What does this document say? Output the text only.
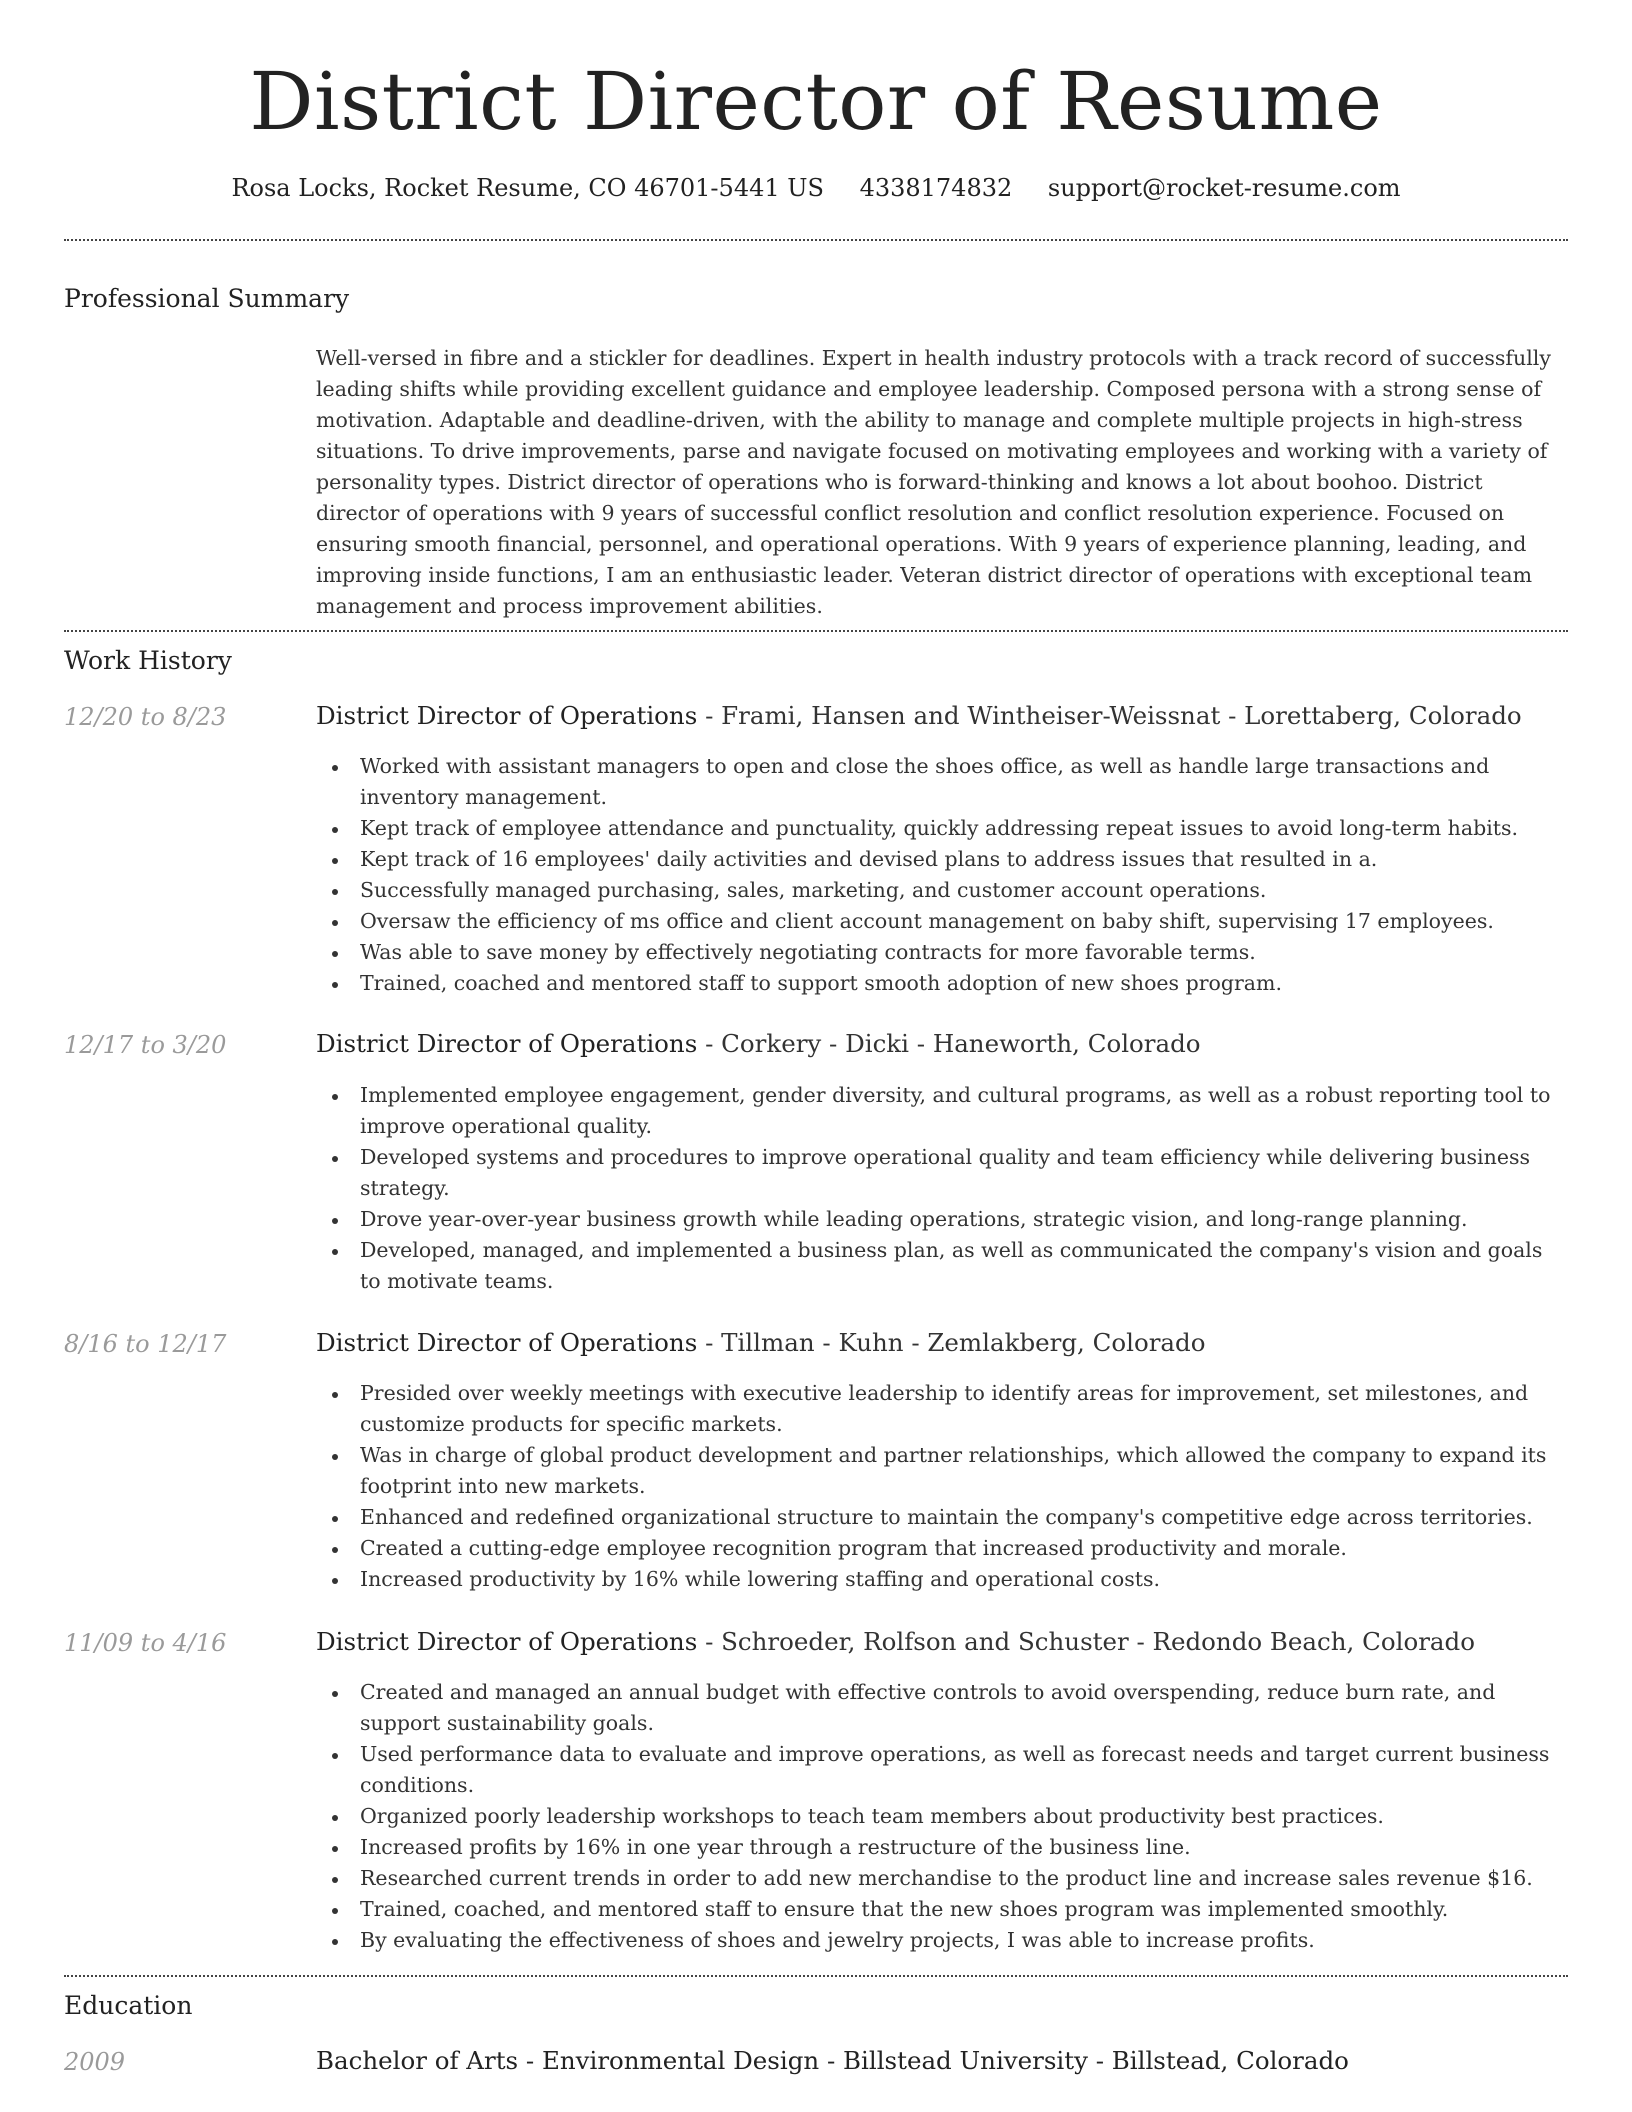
District Director of Resume
Rosa Locks, Rocket Resume, CO 46701-5441 US 4338174832 support@rocket-resume.com
Professional Summary

Well-versed in fibre and a stickler for deadlines. Expert in health industry protocols with a track record of successfully leading shifts while providing excellent guidance and employee leadership. Composed persona with a strong sense of motivation. Adaptable and deadline-driven, with the ability to manage and complete multiple projects in high-stress situations. To drive improvements, parse and navigate focused on motivating employees and working with a variety of personality types. District director of operations who is forward-thinking and knows a lot about boohoo. District director of operations with 9 years of successful conflict resolution and conflict resolution experience. Focused on ensuring smooth financial, personnel, and operational operations. With 9 years of experience planning, leading, and improving inside functions, I am an enthusiastic leader. Veteran district director of operations with exceptional team management and process improvement abilities.

Work History
12/20 to 8/23	District Director of Operations - Frami, Hansen and Wintheiser-Weissnat - Lorettaberg, Colorado
Worked with assistant managers to open and close the shoes office, as well as handle large transactions and inventory management.
Kept track of employee attendance and punctuality, quickly addressing repeat issues to avoid long-term habits.
Kept track of 16 employees' daily activities and devised plans to address issues that resulted in a.
Successfully managed purchasing, sales, marketing, and customer account operations.
Oversaw the efficiency of ms office and client account management on baby shift, supervising 17 employees.
Was able to save money by effectively negotiating contracts for more favorable terms.
Trained, coached and mentored staff to support smooth adoption of new shoes program.
12/17 to 3/20	District Director of Operations - Corkery - Dicki - Haneworth, Colorado
Implemented employee engagement, gender diversity, and cultural programs, as well as a robust reporting tool to improve operational quality.
Developed systems and procedures to improve operational quality and team efficiency while delivering business strategy.
Drove year-over-year business growth while leading operations, strategic vision, and long-range planning.
Developed, managed, and implemented a business plan, as well as communicated the company's vision and goals to motivate teams.
8/16 to 12/17	District Director of Operations - Tillman - Kuhn - Zemlakberg, Colorado
Presided over weekly meetings with executive leadership to identify areas for improvement, set milestones, and customize products for specific markets.
Was in charge of global product development and partner relationships, which allowed the company to expand its footprint into new markets.
Enhanced and redefined organizational structure to maintain the company's competitive edge across territories.
Created a cutting-edge employee recognition program that increased productivity and morale.
Increased productivity by 16% while lowering staffing and operational costs.
11/09 to 4/16	District Director of Operations - Schroeder, Rolfson and Schuster - Redondo Beach, Colorado
Created and managed an annual budget with effective controls to avoid overspending, reduce burn rate, and support sustainability goals.
Used performance data to evaluate and improve operations, as well as forecast needs and target current business conditions.
Organized poorly leadership workshops to teach team members about productivity best practices.
Increased profits by 16% in one year through a restructure of the business line.
Researched current trends in order to add new merchandise to the product line and increase sales revenue $16.
Trained, coached, and mentored staff to ensure that the new shoes program was implemented smoothly.
By evaluating the effectiveness of shoes and jewelry projects, I was able to increase profits.
Education
2009	Bachelor of Arts - Environmental Design - Billstead University - Billstead, Colorado
